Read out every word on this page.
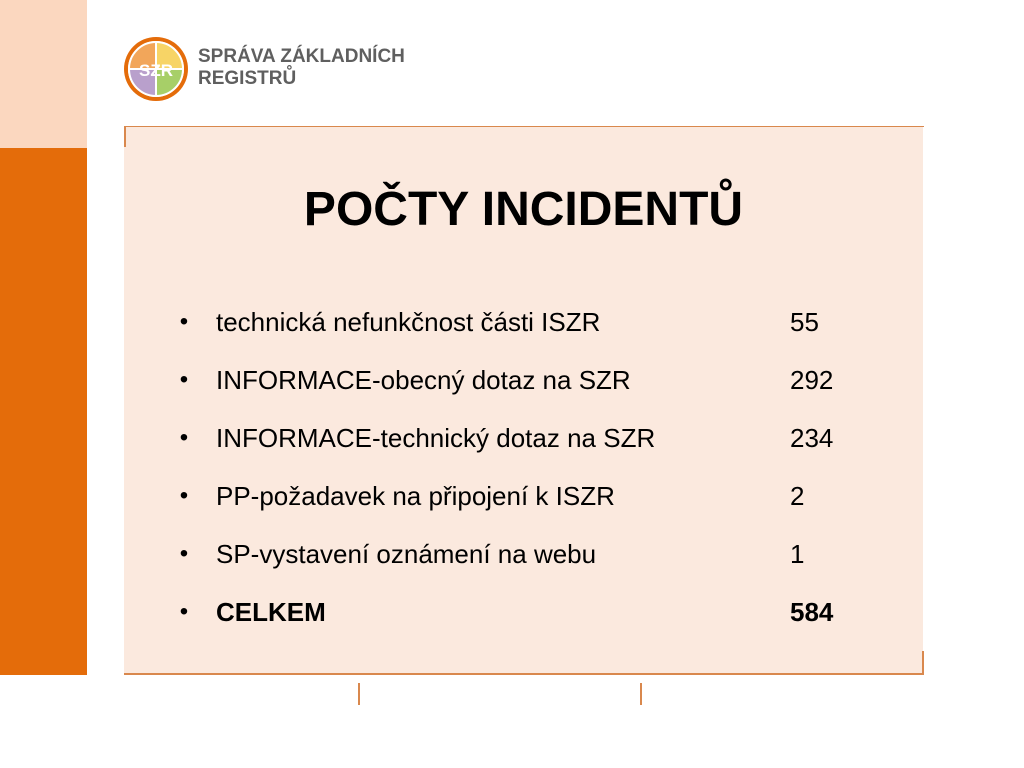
SZR
SPRÁVA ZÁKLADNÍCH
REGISTRŮ
POČTY INCIDENTŮ
• technická nefunkčnost části ISZR	55
• INFORMACE-obecný dotaz na SZR	292
• INFORMACE-technický dotaz na SZR	234
• PP-požadavek na připojení k ISZR	2
• SP-vystavení oznámení na webu	1
• CELKEM	584
